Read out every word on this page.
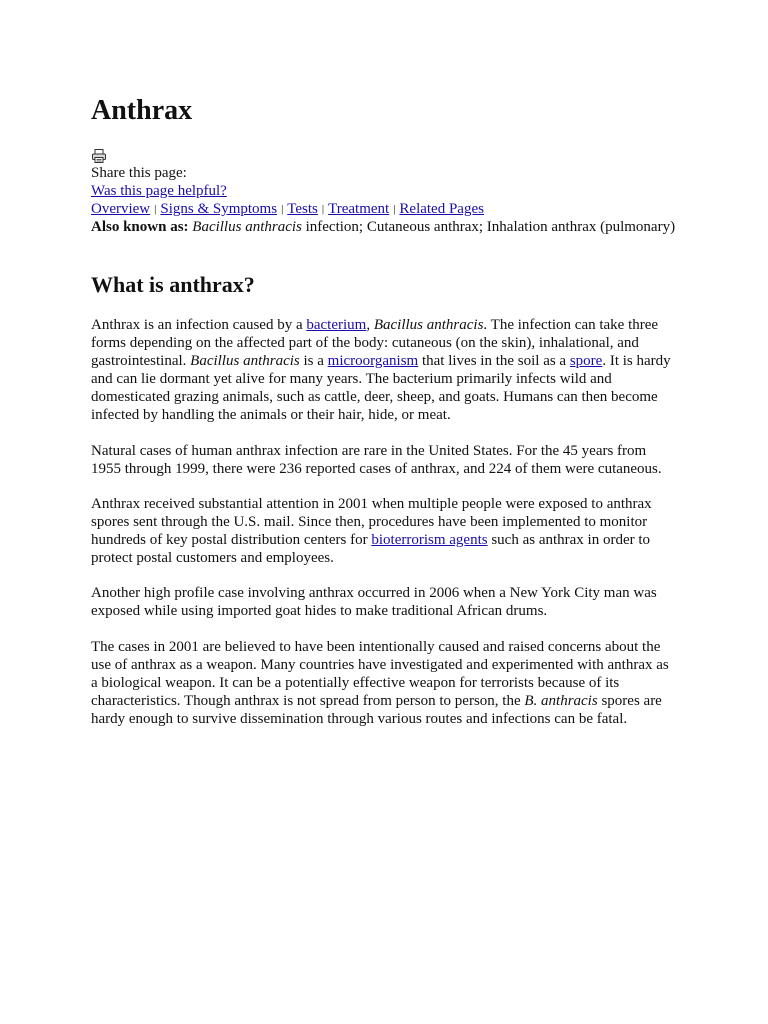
Anthrax
Share this page:
Was this page helpful?
Overview | Signs & Symptoms | Tests | Treatment | Related Pages
Also known as: Bacillus anthracis infection; Cutaneous anthrax; Inhalation anthrax (pulmonary)
What is anthrax?

Anthrax is an infection caused by a bacterium, Bacillus anthracis. The infection can take three
forms depending on the affected part of the body: cutaneous (on the skin), inhalational, and
gastrointestinal. Bacillus anthracis is a microorganism that lives in the soil as a spore. It is hardy
and can lie dormant yet alive for many years. The bacterium primarily infects wild and
domesticated grazing animals, such as cattle, deer, sheep, and goats. Humans can then become
infected by handling the animals or their hair, hide, or meat.

Natural cases of human anthrax infection are rare in the United States. For the 45 years from
1955 through 1999, there were 236 reported cases of anthrax, and 224 of them were cutaneous.

Anthrax received substantial attention in 2001 when multiple people were exposed to anthrax
spores sent through the U.S. mail. Since then, procedures have been implemented to monitor
hundreds of key postal distribution centers for bioterrorism agents such as anthrax in order to
protect postal customers and employees.

Another high profile case involving anthrax occurred in 2006 when a New York City man was
exposed while using imported goat hides to make traditional African drums.

The cases in 2001 are believed to have been intentionally caused and raised concerns about the
use of anthrax as a weapon. Many countries have investigated and experimented with anthrax as
a biological weapon. It can be a potentially effective weapon for terrorists because of its
characteristics. Though anthrax is not spread from person to person, the B. anthracis spores are
hardy enough to survive dissemination through various routes and infections can be fatal.
